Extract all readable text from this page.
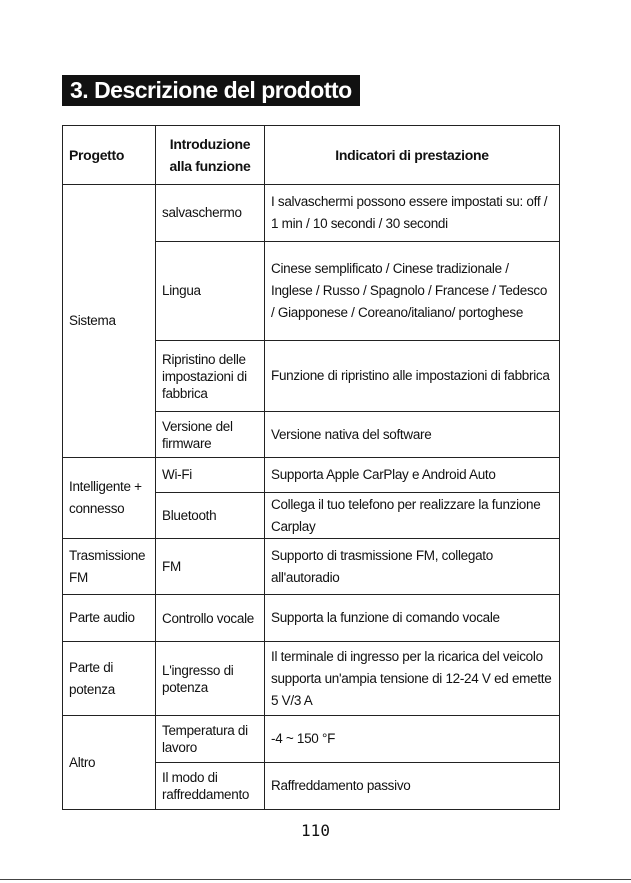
3. Descrizione del prodotto
Progetto	Introduzione alla funzione	Indicatori di prestazione
Sistema	salvaschermo	I salvaschermi possono essere impostati su: off / 1 min / 10 secondi / 30 secondi
	Lingua	Cinese semplificato / Cinese tradizionale / Inglese / Russo / Spagnolo / Francese / Tedesco / Giapponese / Coreano/italiano/ portoghese
	Ripristino delle impostazioni di fabbrica	Funzione di ripristino alle impostazioni di fabbrica
	Versione del firmware	Versione nativa del software
Intelligente + connesso	Wi-Fi	Supporta Apple CarPlay e Android Auto
	Bluetooth	Collega il tuo telefono per realizzare la funzione Carplay
Trasmissione FM	FM	Supporto di trasmissione FM, collegato all'autoradio
Parte audio	Controllo vocale	Supporta la funzione di comando vocale
Parte di potenza	L'ingresso di potenza	Il terminale di ingresso per la ricarica del veicolo supporta un'ampia tensione di 12-24 V ed emette 5 V/3 A
Altro	Temperatura di lavoro	-4 ~ 150 °F
	Il modo di raffreddamento	Raffreddamento passivo
110
